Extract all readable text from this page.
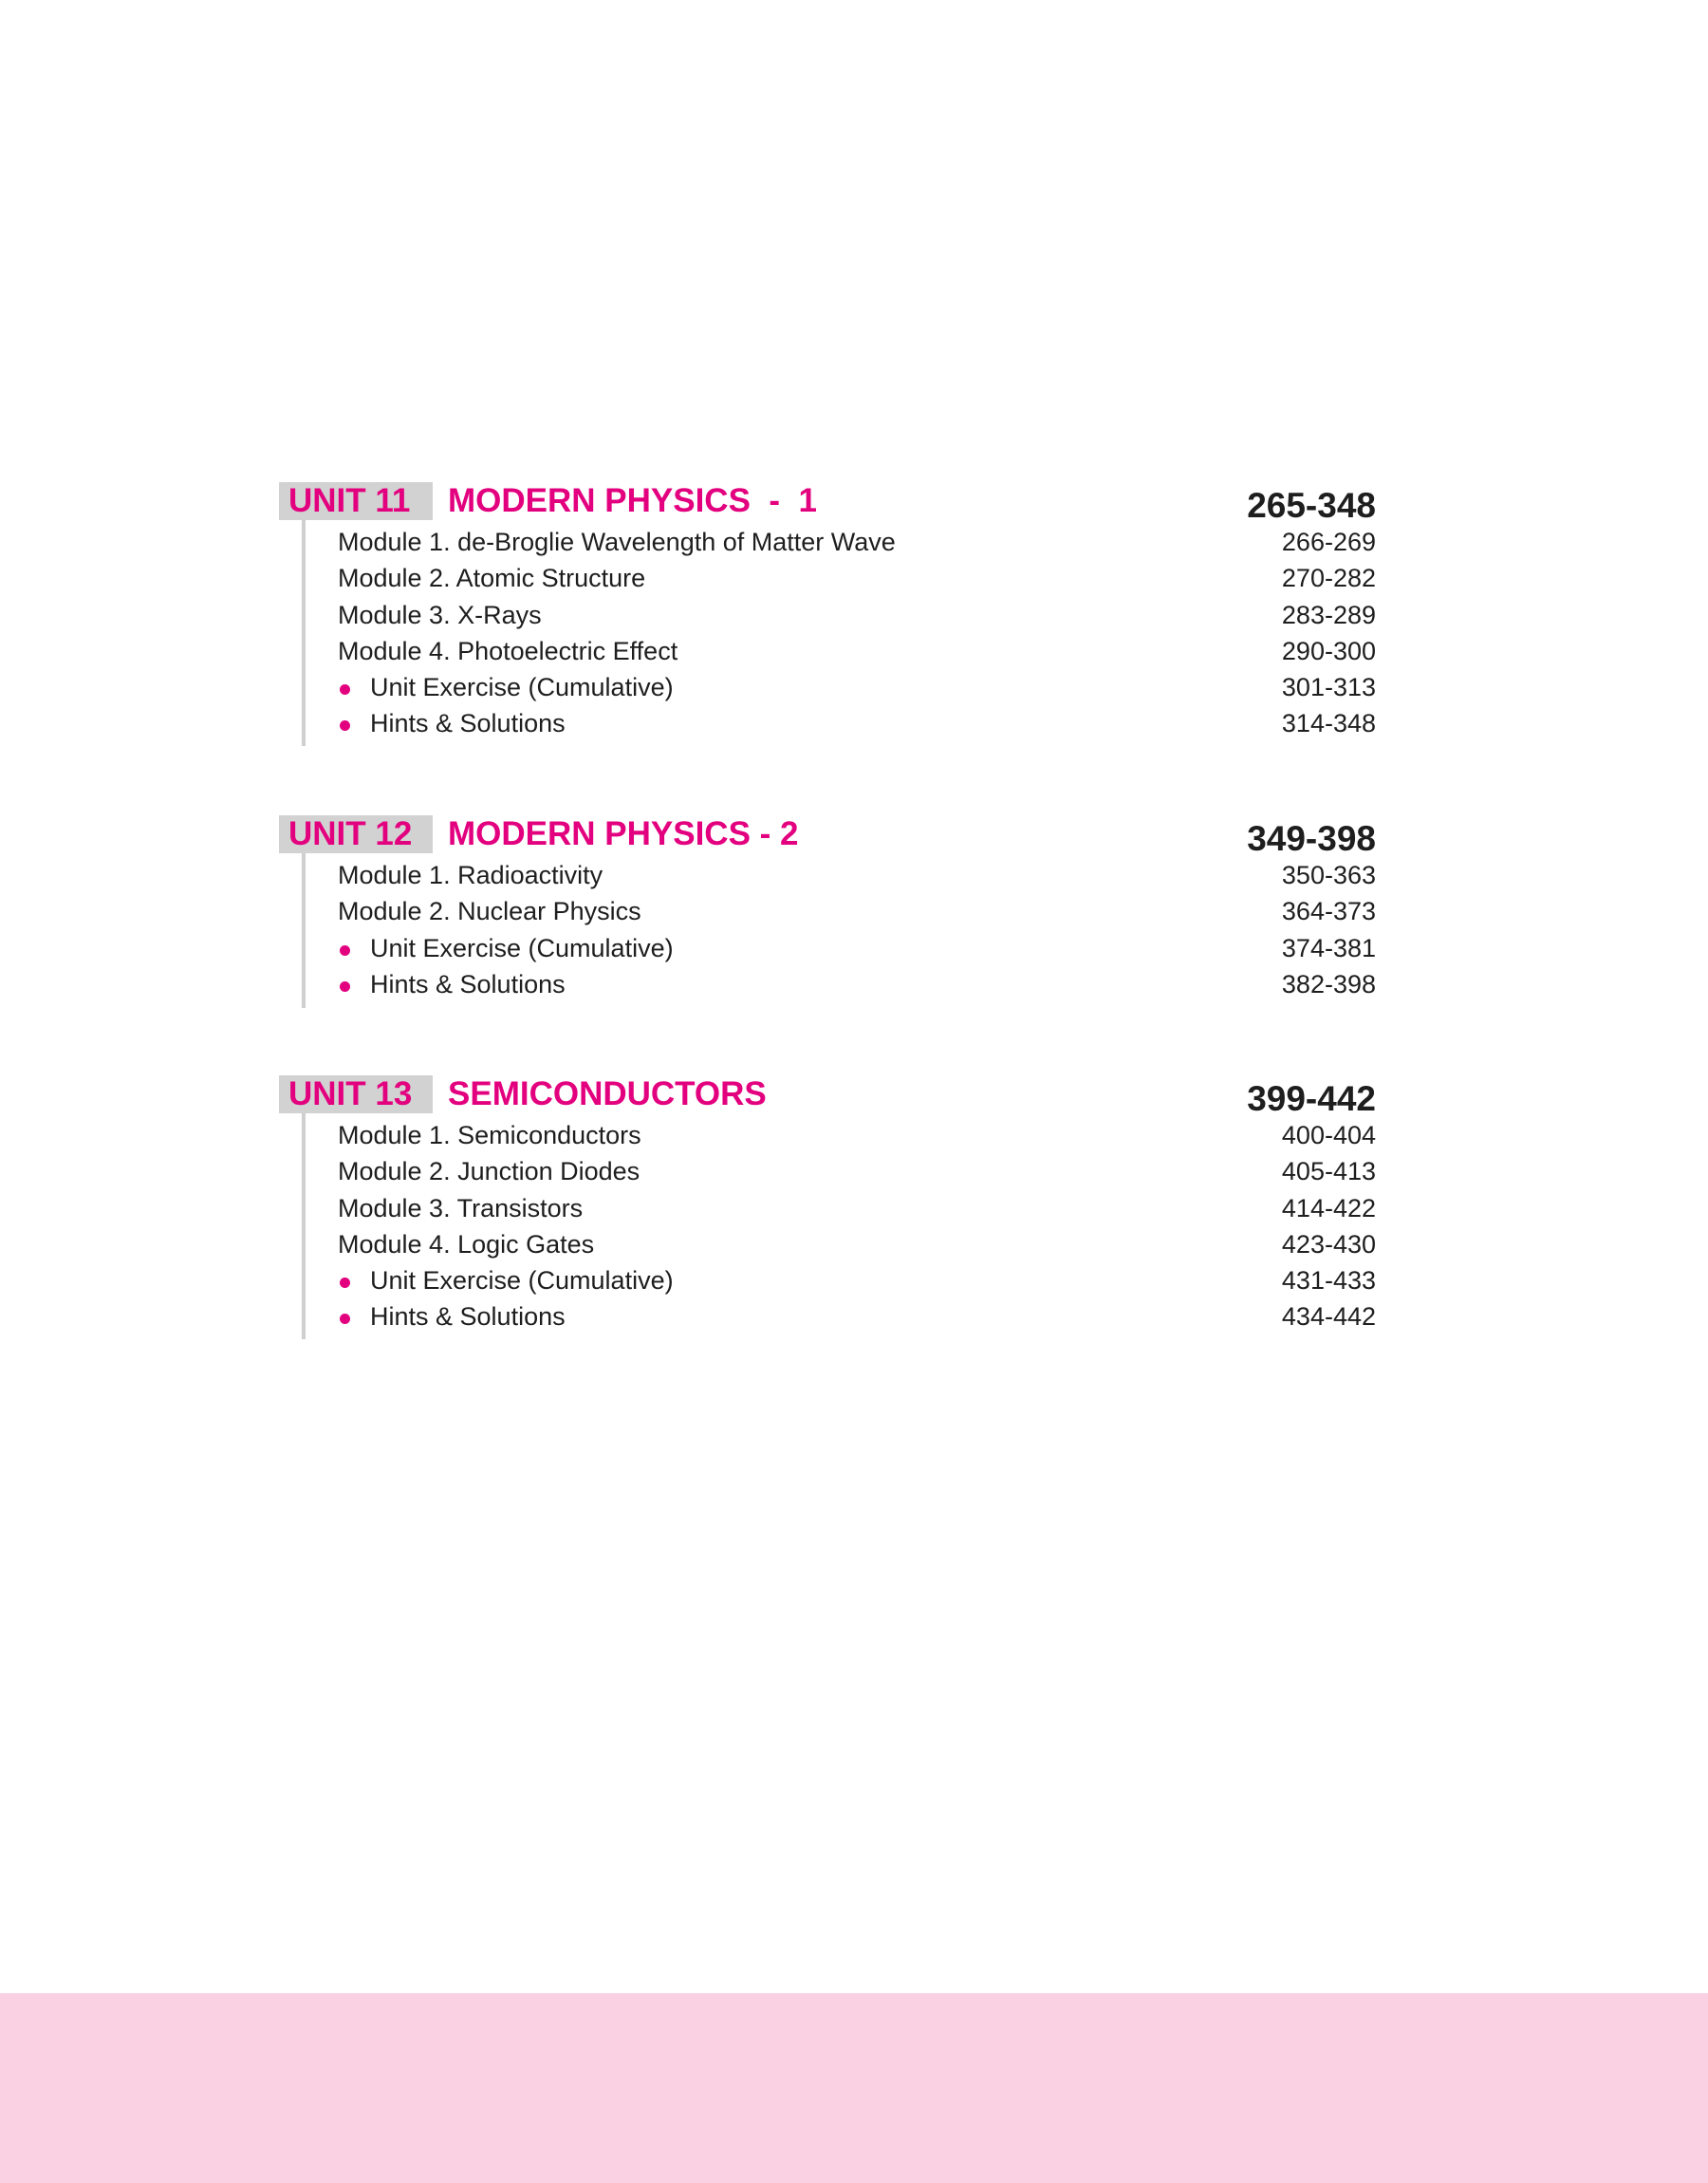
UNIT 11	MODERN PHYSICS  -  1	265-348
Module 1. de-Broglie Wavelength of Matter Wave	266-269
Module 2. Atomic Structure	270-282
Module 3. X-Rays	283-289
Module 4. Photoelectric Effect	290-300
Unit Exercise (Cumulative)	301-313
Hints & Solutions	314-348
UNIT 12	MODERN PHYSICS - 2	349-398
Module 1. Radioactivity	350-363
Module 2. Nuclear Physics	364-373
Unit Exercise (Cumulative)	374-381
Hints & Solutions	382-398
UNIT 13	SEMICONDUCTORS	399-442
Module 1. Semiconductors	400-404
Module 2. Junction Diodes	405-413
Module 3. Transistors	414-422
Module 4. Logic Gates	423-430
Unit Exercise (Cumulative)	431-433
Hints & Solutions	434-442
